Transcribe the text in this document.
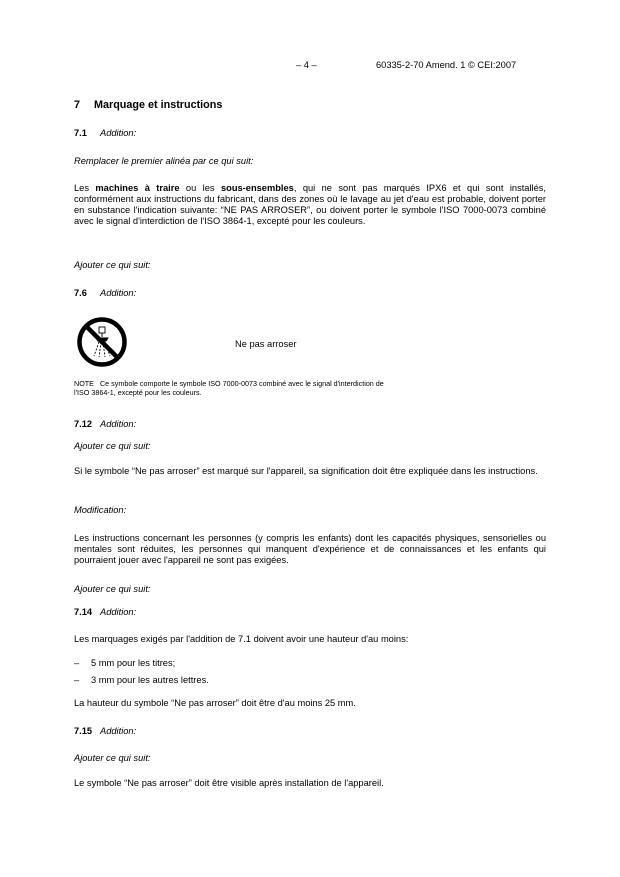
– 4 –	60335-2-70 Amend. 1 © CEI:2007
7 Marquage et instructions
7.1 Addition:
Remplacer le premier alinéa par ce qui suit:
Les machines à traire ou les sous-ensembles, qui ne sont pas marqués IPX6 et qui sont installés, conformément aux instructions du fabricant, dans des zones où le lavage au jet d'eau est probable, doivent porter en substance l'indication suivante: “NE PAS ARROSER”, ou doivent porter le symbole l'ISO 7000-0073 combiné avec le signal d'interdiction de l'ISO 3864-1, excepté pour les couleurs.
Ajouter ce qui suit:
7.6 Addition:
Ne pas arroser
NOTE Ce symbole comporte le symbole ISO 7000-0073 combiné avec le signal d'interdiction de l'ISO 3864-1, excepté pour les couleurs.
7.12 Addition:
Ajouter ce qui suit:
Si le symbole “Ne pas arroser” est marqué sur l'appareil, sa signification doit être expliquée dans les instructions.
Modification:
Les instructions concernant les personnes (y compris les enfants) dont les capacités physiques, sensorielles ou mentales sont réduites, les personnes qui manquent d'expérience et de connaissances et les enfants qui pourraient jouer avec l'appareil ne sont pas exigées.
Ajouter ce qui suit:
7.14 Addition:
Les marquages exigés par l'addition de 7.1 doivent avoir une hauteur d'au moins:
– 5 mm pour les titres;
– 3 mm pour les autres lettres.
La hauteur du symbole “Ne pas arroser” doit être d'au moins 25 mm.
7.15 Addition:
Ajouter ce qui suit:
Le symbole “Ne pas arroser” doit être visible après installation de l'appareil.
